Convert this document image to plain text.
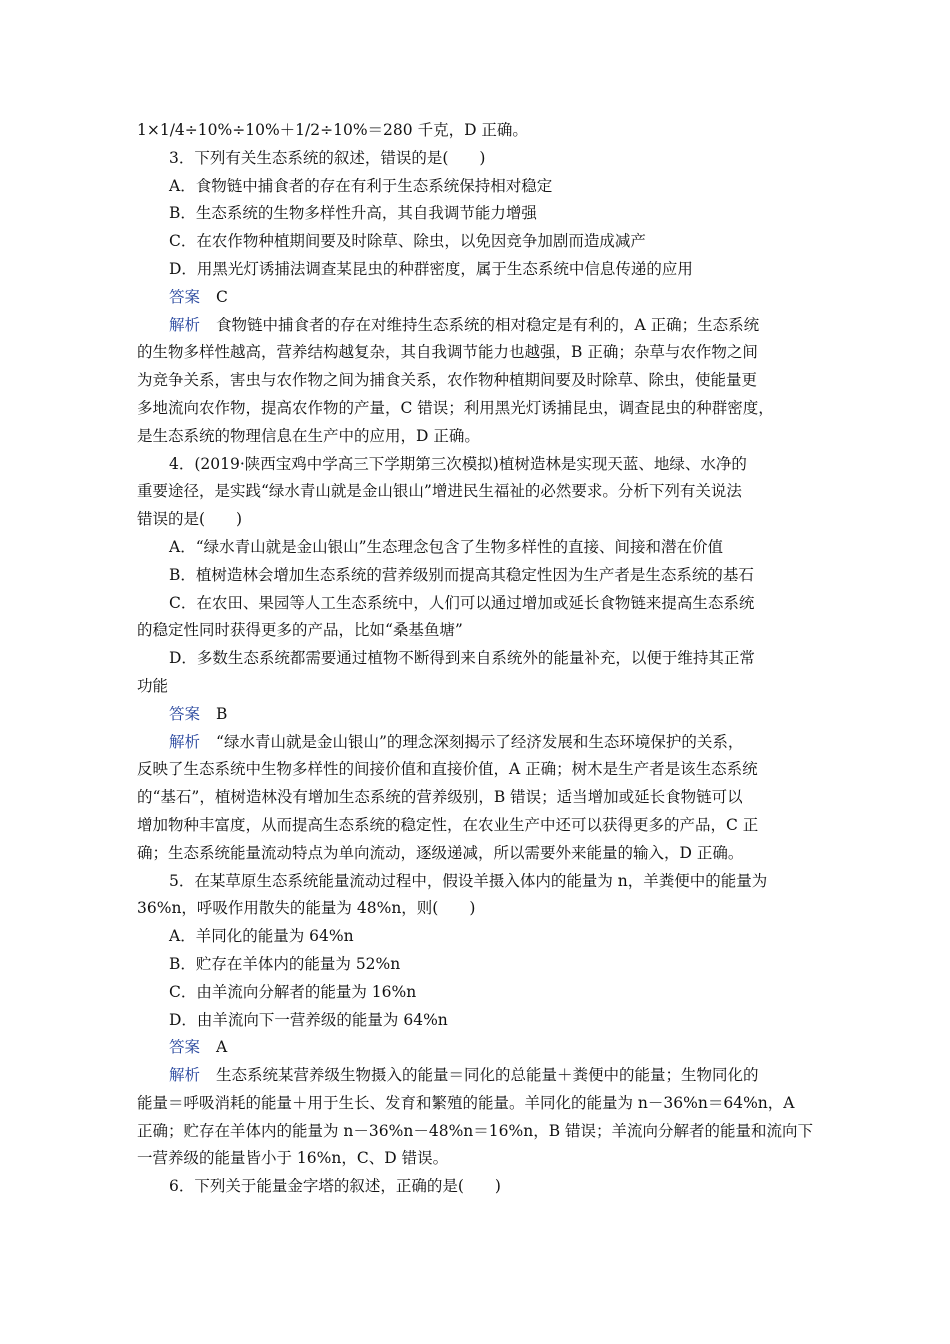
1×1/4÷10%÷10%＋1/2÷10%＝280 千克，D 正确。
3．下列有关生态系统的叙述，错误的是(　　)
A．食物链中捕食者的存在有利于生态系统保持相对稳定
B．生态系统的生物多样性升高，其自我调节能力增强
C．在农作物种植期间要及时除草、除虫，以免因竞争加剧而造成减产
D．用黑光灯诱捕法调查某昆虫的种群密度，属于生态系统中信息传递的应用
答案 C
解析 食物链中捕食者的存在对维持生态系统的相对稳定是有利的，A 正确；生态系统
的生物多样性越高，营养结构越复杂，其自我调节能力也越强，B 正确；杂草与农作物之间
为竞争关系，害虫与农作物之间为捕食关系，农作物种植期间要及时除草、除虫，使能量更
多地流向农作物，提高农作物的产量，C 错误；利用黑光灯诱捕昆虫，调查昆虫的种群密度，
是生态系统的物理信息在生产中的应用，D 正确。
4．(2019·陕西宝鸡中学高三下学期第三次模拟)植树造林是实现天蓝、地绿、水净的
重要途径，是实践“绿水青山就是金山银山”增进民生福祉的必然要求。分析下列有关说法
错误的是(　　)
A．“绿水青山就是金山银山”生态理念包含了生物多样性的直接、间接和潜在价值
B．植树造林会增加生态系统的营养级别而提高其稳定性因为生产者是生态系统的基石
C．在农田、果园等人工生态系统中，人们可以通过增加或延长食物链来提高生态系统
的稳定性同时获得更多的产品，比如“桑基鱼塘”
D．多数生态系统都需要通过植物不断得到来自系统外的能量补充，以便于维持其正常
功能
答案 B
解析 “绿水青山就是金山银山”的理念深刻揭示了经济发展和生态环境保护的关系，
反映了生态系统中生物多样性的间接价值和直接价值，A 正确；树木是生产者是该生态系统
的“基石”，植树造林没有增加生态系统的营养级别，B 错误；适当增加或延长食物链可以
增加物种丰富度，从而提高生态系统的稳定性，在农业生产中还可以获得更多的产品，C 正
确；生态系统能量流动特点为单向流动，逐级递减，所以需要外来能量的输入，D 正确。
5．在某草原生态系统能量流动过程中，假设羊摄入体内的能量为 n，羊粪便中的能量为
36%n，呼吸作用散失的能量为 48%n，则(　　)
A．羊同化的能量为 64%n
B．贮存在羊体内的能量为 52%n
C．由羊流向分解者的能量为 16%n
D．由羊流向下一营养级的能量为 64%n
答案 A
解析 生态系统某营养级生物摄入的能量＝同化的总能量＋粪便中的能量；生物同化的
能量＝呼吸消耗的能量＋用于生长、发育和繁殖的能量。羊同化的能量为 n－36%n＝64%n，A
正确；贮存在羊体内的能量为 n－36%n－48%n＝16%n，B 错误；羊流向分解者的能量和流向下
一营养级的能量皆小于 16%n，C、D 错误。
6．下列关于能量金字塔的叙述，正确的是(　　)
